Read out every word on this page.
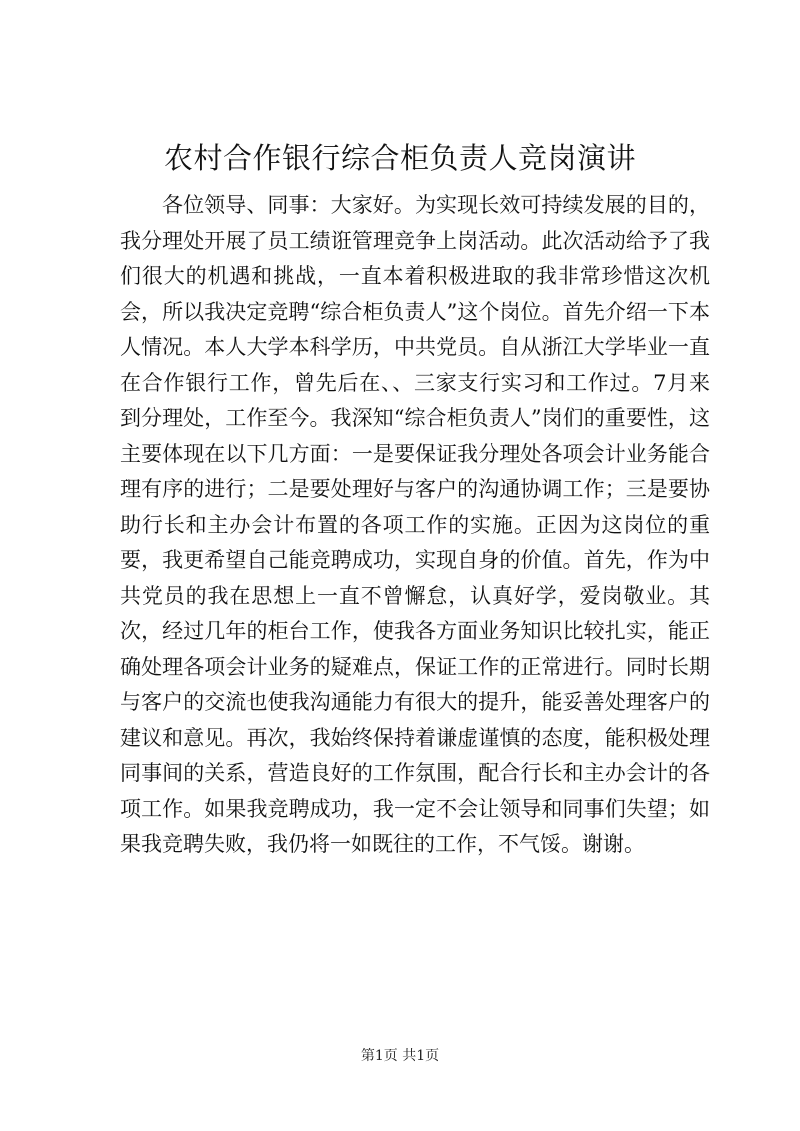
农村合作银行综合柜负责人竞岗演讲

各位领导、同事：大家好。为实现长效可持续发展的目的，我分理处开展了员工绩诳管理竞争上岗活动。此次活动给予了我们很大的机遇和挑战，一直本着积极进取的我非常珍惜这次机会，所以我决定竞聘“综合柜负责人”这个岗位。首先介绍一下本人情况。本人大学本科学历，中共党员。自从浙江大学毕业一直在合作银行工作，曾先后在、、三家支行实习和工作过。7月来到分理处，工作至今。我深知“综合柜负责人”岗们的重要性，这主要体现在以下几方面：一是要保证我分理处各项会计业务能合理有序的进行；二是要处理好与客户的沟通协调工作；三是要协助行长和主办会计布置的各项工作的实施。正因为这岗位的重要，我更希望自己能竞聘成功，实现自身的价值。首先，作为中共党员的我在思想上一直不曾懈怠，认真好学，爱岗敬业。其次，经过几年的柜台工作，使我各方面业务知识比较扎实，能正确处理各项会计业务的疑难点，保证工作的正常进行。同时长期与客户的交流也使我沟通能力有很大的提升，能妥善处理客户的建议和意见。再次，我始终保持着谦虚谨慎的态度，能积极处理同事间的关系，营造良好的工作氛围，配合行长和主办会计的各项工作。如果我竞聘成功，我一定不会让领导和同事们失望；如果我竞聘失败，我仍将一如既往的工作，不气馁。谢谢。

第1页 共1页
